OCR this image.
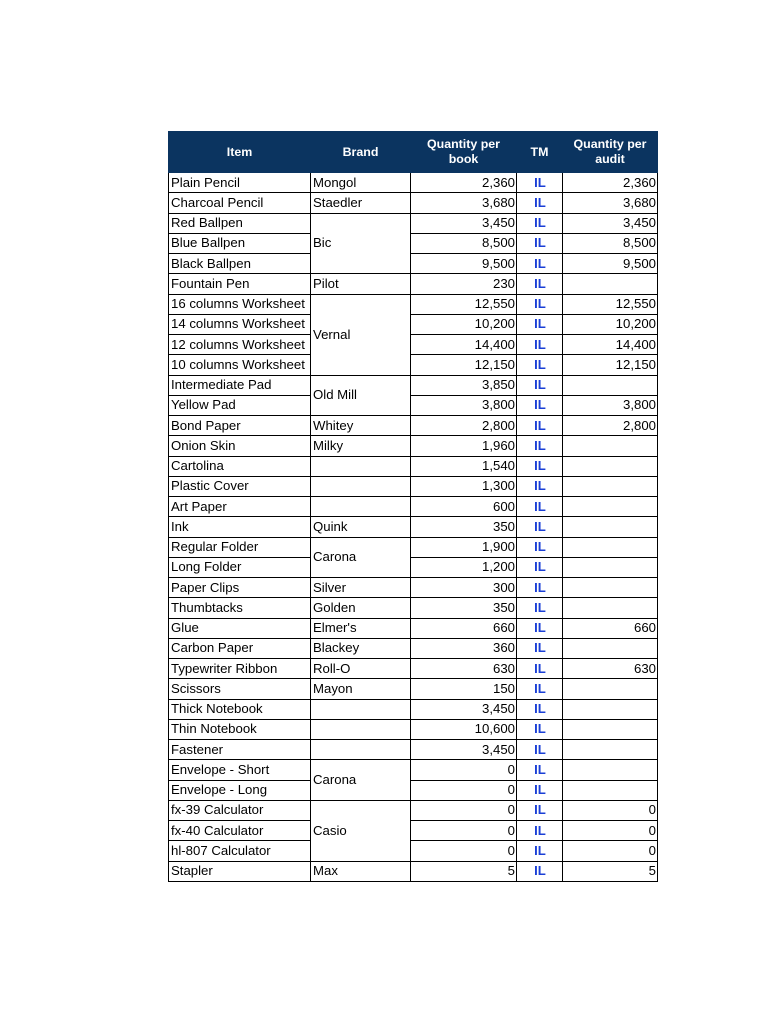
Item	Brand	Quantity per book	TM	Quantity per audit
Plain Pencil	Mongol	2,360	IL	2,360
Charcoal Pencil	Staedler	3,680	IL	3,680
Red Ballpen	Bic	3,450	IL	3,450
Blue Ballpen		8,500	IL	8,500
Black Ballpen		9,500	IL	9,500
Fountain Pen	Pilot	230	IL	
16 columns Worksheet	Vernal	12,550	IL	12,550
14 columns Worksheet		10,200	IL	10,200
12 columns Worksheet		14,400	IL	14,400
10 columns Worksheet		12,150	IL	12,150
Intermediate Pad	Old Mill	3,850	IL	
Yellow Pad		3,800	IL	3,800
Bond Paper	Whitey	2,800	IL	2,800
Onion Skin	Milky	1,960	IL	
Cartolina		1,540	IL	
Plastic Cover		1,300	IL	
Art Paper		600	IL	
Ink	Quink	350	IL	
Regular Folder	Carona	1,900	IL	
Long Folder		1,200	IL	
Paper Clips	Silver	300	IL	
Thumbtacks	Golden	350	IL	
Glue	Elmer's	660	IL	660
Carbon Paper	Blackey	360	IL	
Typewriter Ribbon	Roll-O	630	IL	630
Scissors	Mayon	150	IL	
Thick Notebook		3,450	IL	
Thin Notebook		10,600	IL	
Fastener		3,450	IL	
Envelope - Short	Carona	0	IL	
Envelope - Long		0	IL	
fx-39 Calculator	Casio	0	IL	0
fx-40 Calculator		0	IL	0
hl-807 Calculator		0	IL	0
Stapler	Max	5	IL	5
